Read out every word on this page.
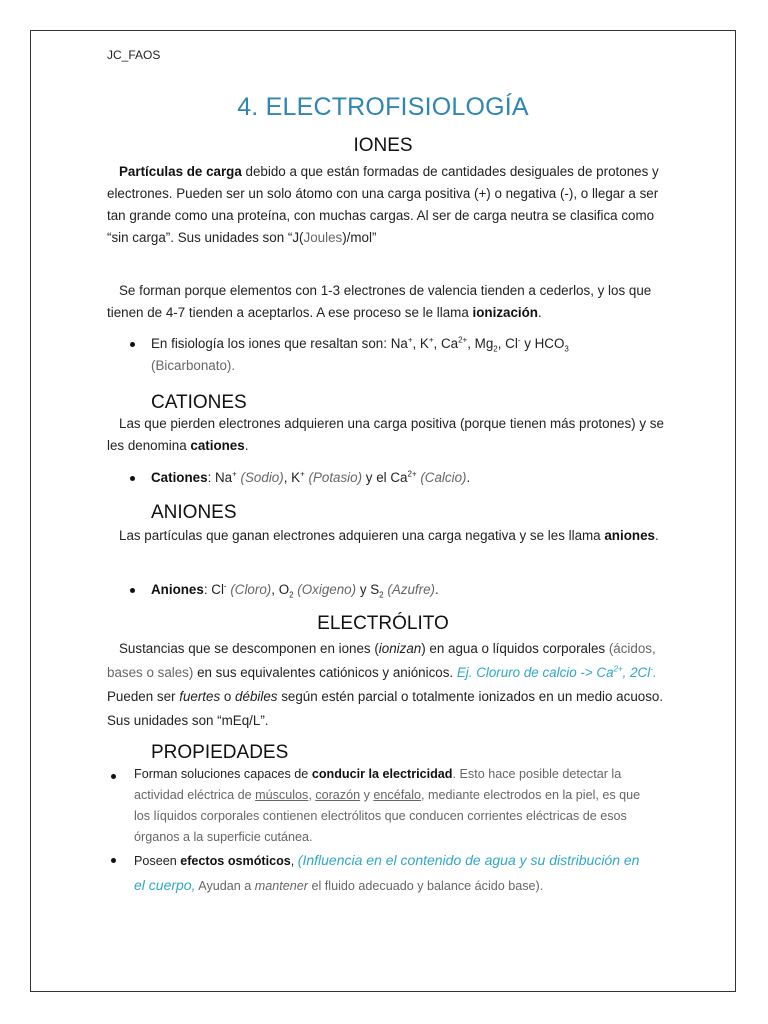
JC_FAOS
4. ELECTROFISIOLOGÍA
IONES

Partículas de carga debido a que están formadas de cantidades desiguales de protones y electrones. Pueden ser un solo átomo con una carga positiva (+) o negativa (-), o llegar a ser tan grande como una proteína, con muchas cargas. Al ser de carga neutra se clasifica como “sin carga”. Sus unidades son “J(Joules)/mol”

Se forman porque elementos con 1-3 electrones de valencia tienden a cederlos, y los que tienen de 4-7 tienden a aceptarlos. A ese proceso se le llama ionización.

En fisiología los iones que resaltan son: Na+, K+, $Ca^{2+}$, $Mg_2$, Cl- y $HCO_3$
(Bicarbonato).
CATIONES

Las que pierden electrones adquieren una carga positiva (porque tienen más protones) y se les denomina cationes.

Cationes: Na+ (Sodio), K+ (Potasio) y el $Ca^{2+}$ (Calcio).
ANIONES

Las partículas que ganan electrones adquieren una carga negativa y se les llama aniones.

Aniones: Cl- (Cloro), $O_2$ (Oxigeno) y $S_2$ (Azufre).
ELECTRÓLITO

Sustancias que se descomponen en iones (ionizan) en agua o líquidos corporales (ácidos, bases o sales) en sus equivalentes catiónicos y aniónicos. Ej. Cloruro de calcio -> $Ca^{2+}$, 2Cl-. Pueden ser fuertes o débiles según estén parcial o totalmente ionizados en un medio acuoso. Sus unidades son “mEq/L”.

PROPIEDADES
Forman soluciones capaces de conducir la electricidad. Esto hace posible detectar la actividad eléctrica de músculos, corazón y encéfalo, mediante electrodos en la piel, es que los líquidos corporales contienen electrólitos que conducen corrientes eléctricas de esos órganos a la superficie cutánea.
Poseen efectos osmóticos, (Influencia en el contenido de agua y su distribución en el cuerpo, Ayudan a mantener el fluido adecuado y balance ácido base).
